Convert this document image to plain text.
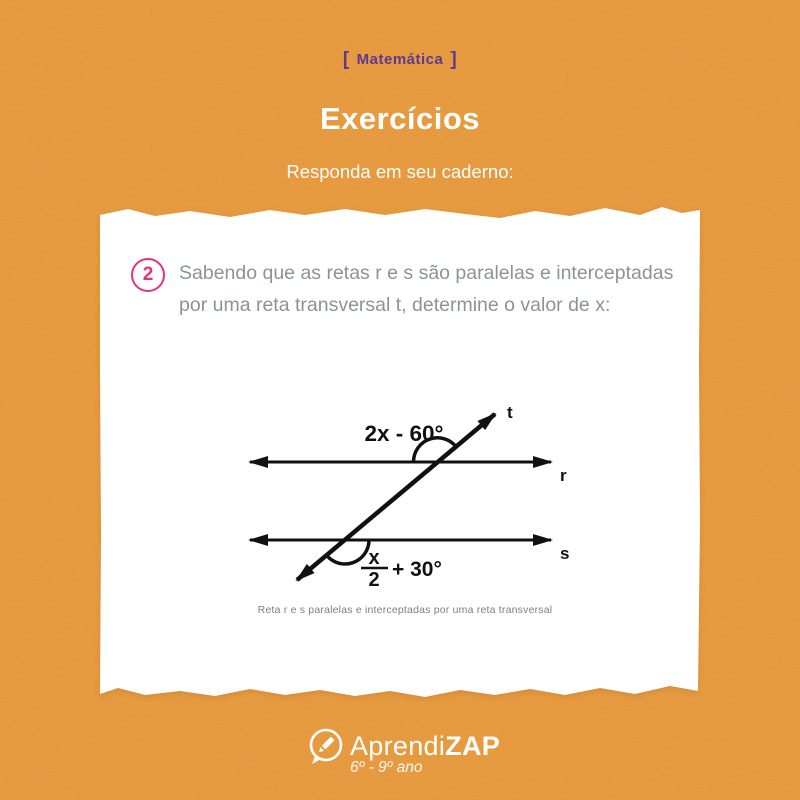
[ Matemática ]
Exercícios
Responda em seu caderno:
2	Sabendo que as retas r e s são paralelas e interceptadas por uma reta transversal t, determine o valor de x:
2x - 60°
x
2 + 30°
r
s
t
Reta r e s paralelas e interceptadas por uma reta transversal
AprendiZAP
6º - 9º ano
